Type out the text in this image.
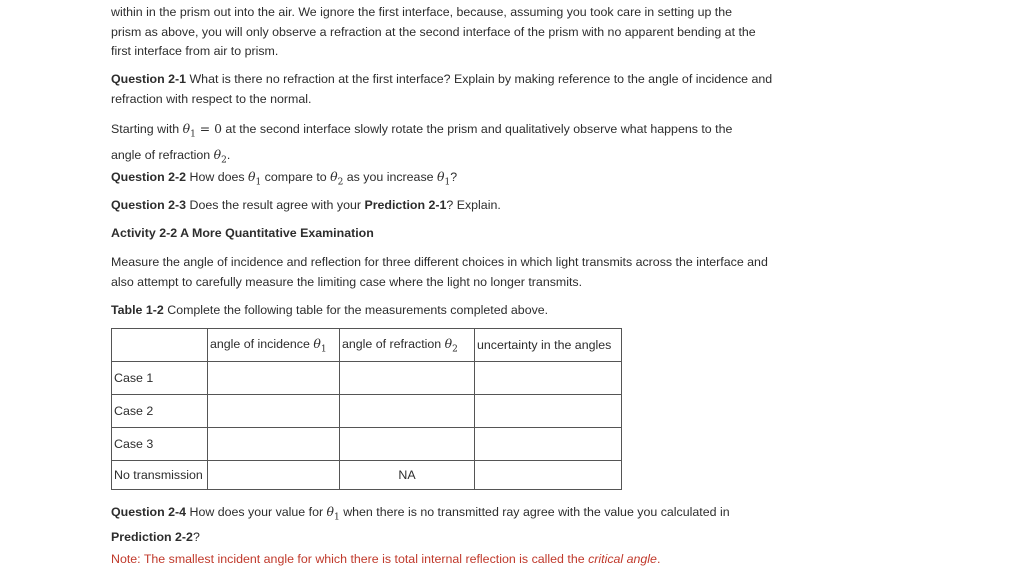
within in the prism out into the air. We ignore the first interface, because, assuming you took care in setting up the
prism as above, you will only observe a refraction at the second interface of the prism with no apparent bending at the
first interface from air to prism.

Question 2-1 What is there no refraction at the first interface? Explain by making reference to the angle of incidence and refraction with respect to the normal.

Starting with $\theta_1 = 0$ at the second interface slowly rotate the prism and qualitatively observe what happens to the
angle of refraction $\theta_2$.

Question 2-2 How does $\theta_1$ compare to $\theta_2$ as you increase $\theta_1$?

Question 2-3 Does the result agree with your Prediction 2-1? Explain.

Activity 2-2 A More Quantitative Examination

Measure the angle of incidence and reflection for three different choices in which light transmits across the interface and also attempt to carefully measure the limiting case where the light no longer transmits.

Table 1-2 Complete the following table for the measurements completed above.

	angle of incidence $\theta_1$	angle of refraction $\theta_2$	uncertainty in the angles
Case 1			
Case 2			
Case 3			
No transmission		NA	

Question 2-4 How does your value for $\theta_1$ when there is no transmitted ray agree with the value you calculated in
Prediction 2-2?

Note: The smallest incident angle for which there is total internal reflection is called the critical angle.
